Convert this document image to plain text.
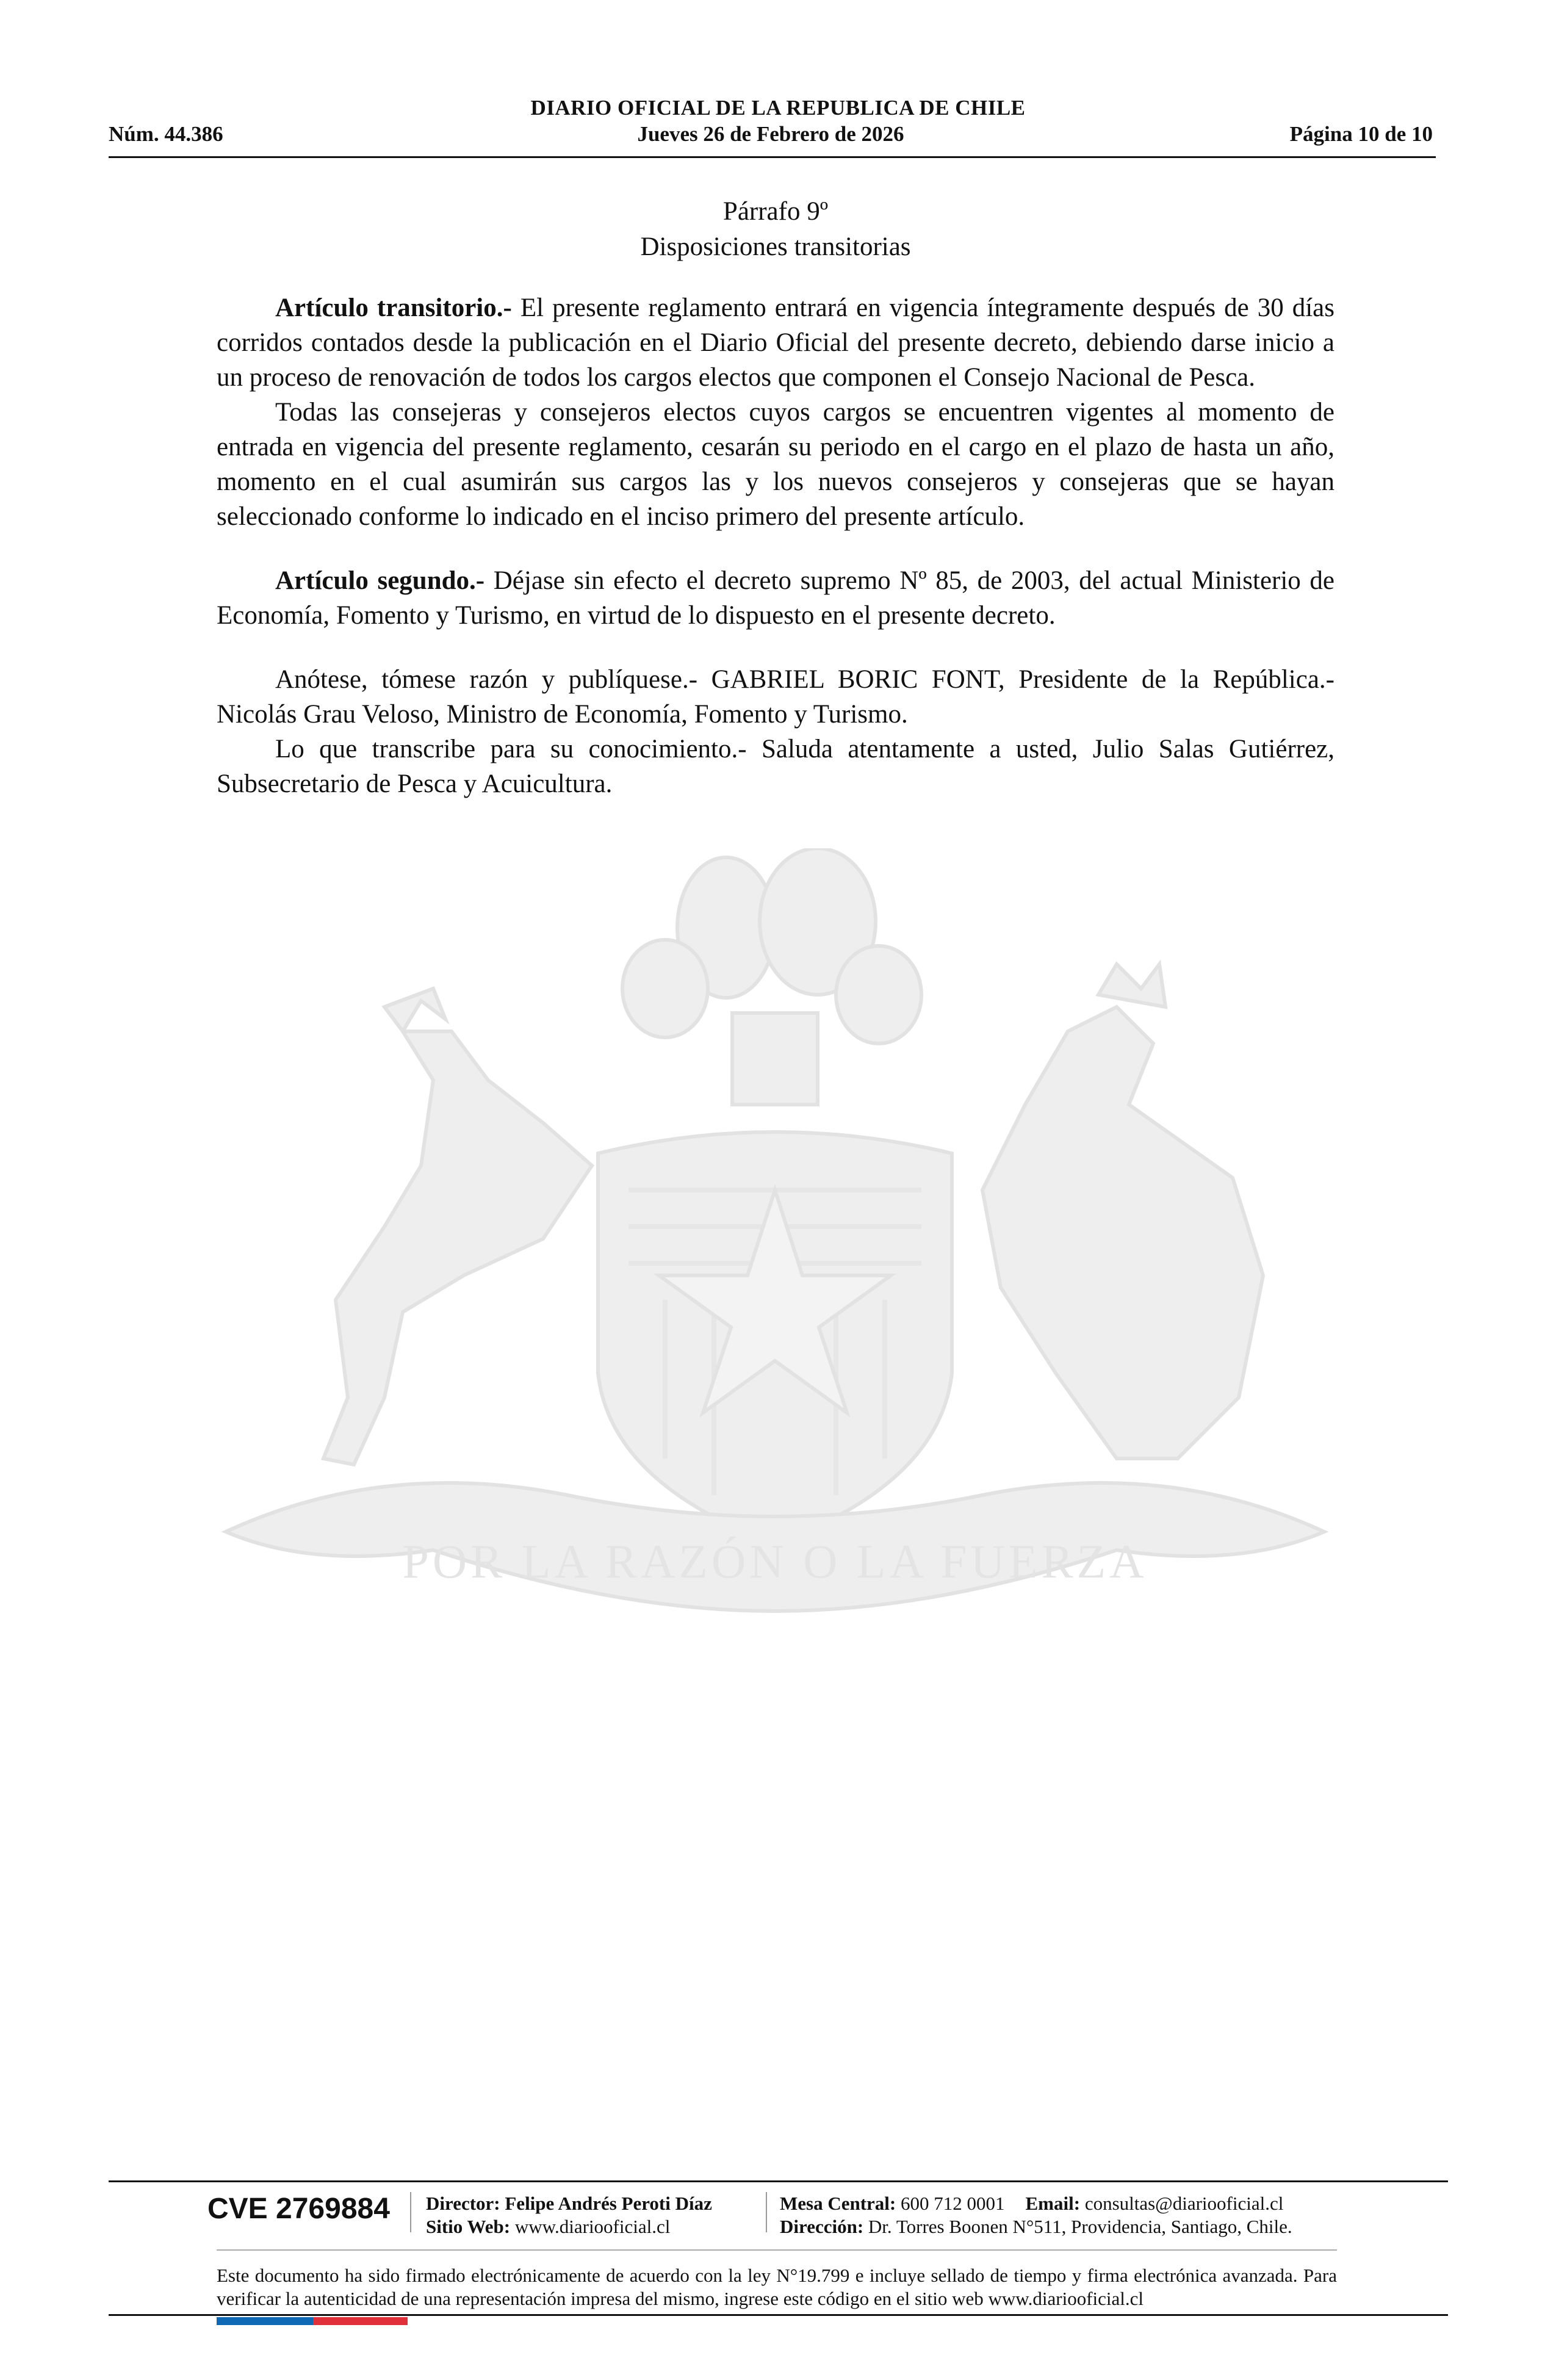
DIARIO OFICIAL DE LA REPUBLICA DE CHILE
Núm. 44.386	Jueves 26 de Febrero de 2026	Página 10 de 10
POR LA RAZÓN O LA FUERZA
Párrafo 9º
Disposiciones transitorias

Artículo transitorio.- El presente reglamento entrará en vigencia íntegramente después de 30 días corridos contados desde la publicación en el Diario Oficial del presente decreto, debiendo darse inicio a un proceso de renovación de todos los cargos electos que componen el Consejo Nacional de Pesca.

Todas las consejeras y consejeros electos cuyos cargos se encuentren vigentes al momento de entrada en vigencia del presente reglamento, cesarán su periodo en el cargo en el plazo de hasta un año, momento en el cual asumirán sus cargos las y los nuevos consejeros y consejeras que se hayan seleccionado conforme lo indicado en el inciso primero del presente artículo.

Artículo segundo.- Déjase sin efecto el decreto supremo Nº 85, de 2003, del actual Ministerio de Economía, Fomento y Turismo, en virtud de lo dispuesto en el presente decreto.

Anótese, tómese razón y publíquese.- GABRIEL BORIC FONT, Presidente de la República.- Nicolás Grau Veloso, Ministro de Economía, Fomento y Turismo.

Lo que transcribe para su conocimiento.- Saluda atentamente a usted, Julio Salas Gutiérrez, Subsecretario de Pesca y Acuicultura.

CVE 2769884 Director: Felipe Andrés Peroti Díaz
Sitio Web: www.diariooficial.cl
Mesa Central: 600 712 0001 Email: consultas@diariooficial.cl
Dirección: Dr. Torres Boonen N°511, Providencia, Santiago, Chile.
Este documento ha sido firmado electrónicamente de acuerdo con la ley N°19.799 e incluye sellado de tiempo y firma electrónica avanzada. Para verificar la autenticidad de una representación impresa del mismo, ingrese este código en el sitio web www.diariooficial.cl
